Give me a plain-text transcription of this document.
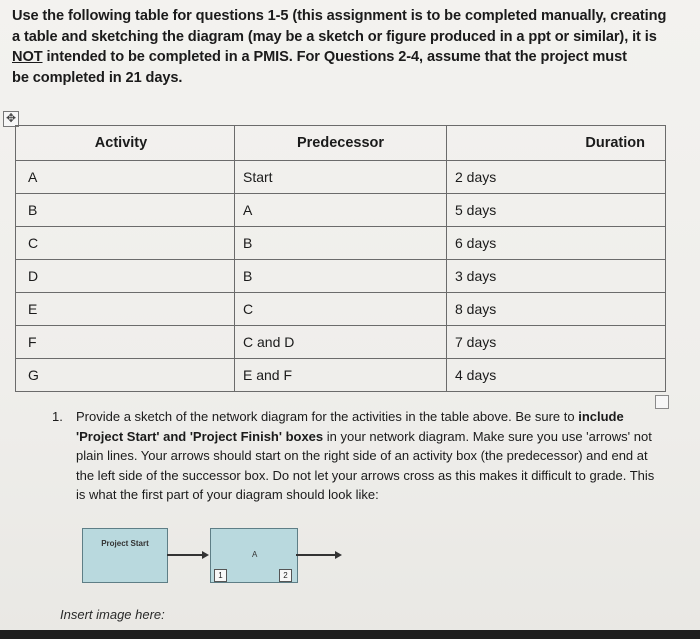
Use the following table for questions 1-5 (this assignment is to be completed manually, creating
a table and sketching the diagram (may be a sketch or figure produced in a ppt or similar), it is
NOT intended to be completed in a PMIS. For Questions 2-4, assume that the project must
be completed in 21 days.
✥
Activity	Predecessor	Duration
A	Start	2 days
B	A	5 days
C	B	6 days
D	B	3 days
E	C	8 days
F	C and D	7 days
G	E and F	4 days
1. Provide a sketch of the network diagram for the activities in the table above. Be sure to include 'Project Start' and 'Project Finish' boxes in your network diagram. Make sure you use 'arrows' not plain lines. Your arrows should start on the right side of an activity box (the predecessor) and end at the left side of the successor box. Do not let your arrows cross as this makes it difficult to grade. This is what the first part of your diagram should look like:
Project Start
A
1	2
Insert image here:
